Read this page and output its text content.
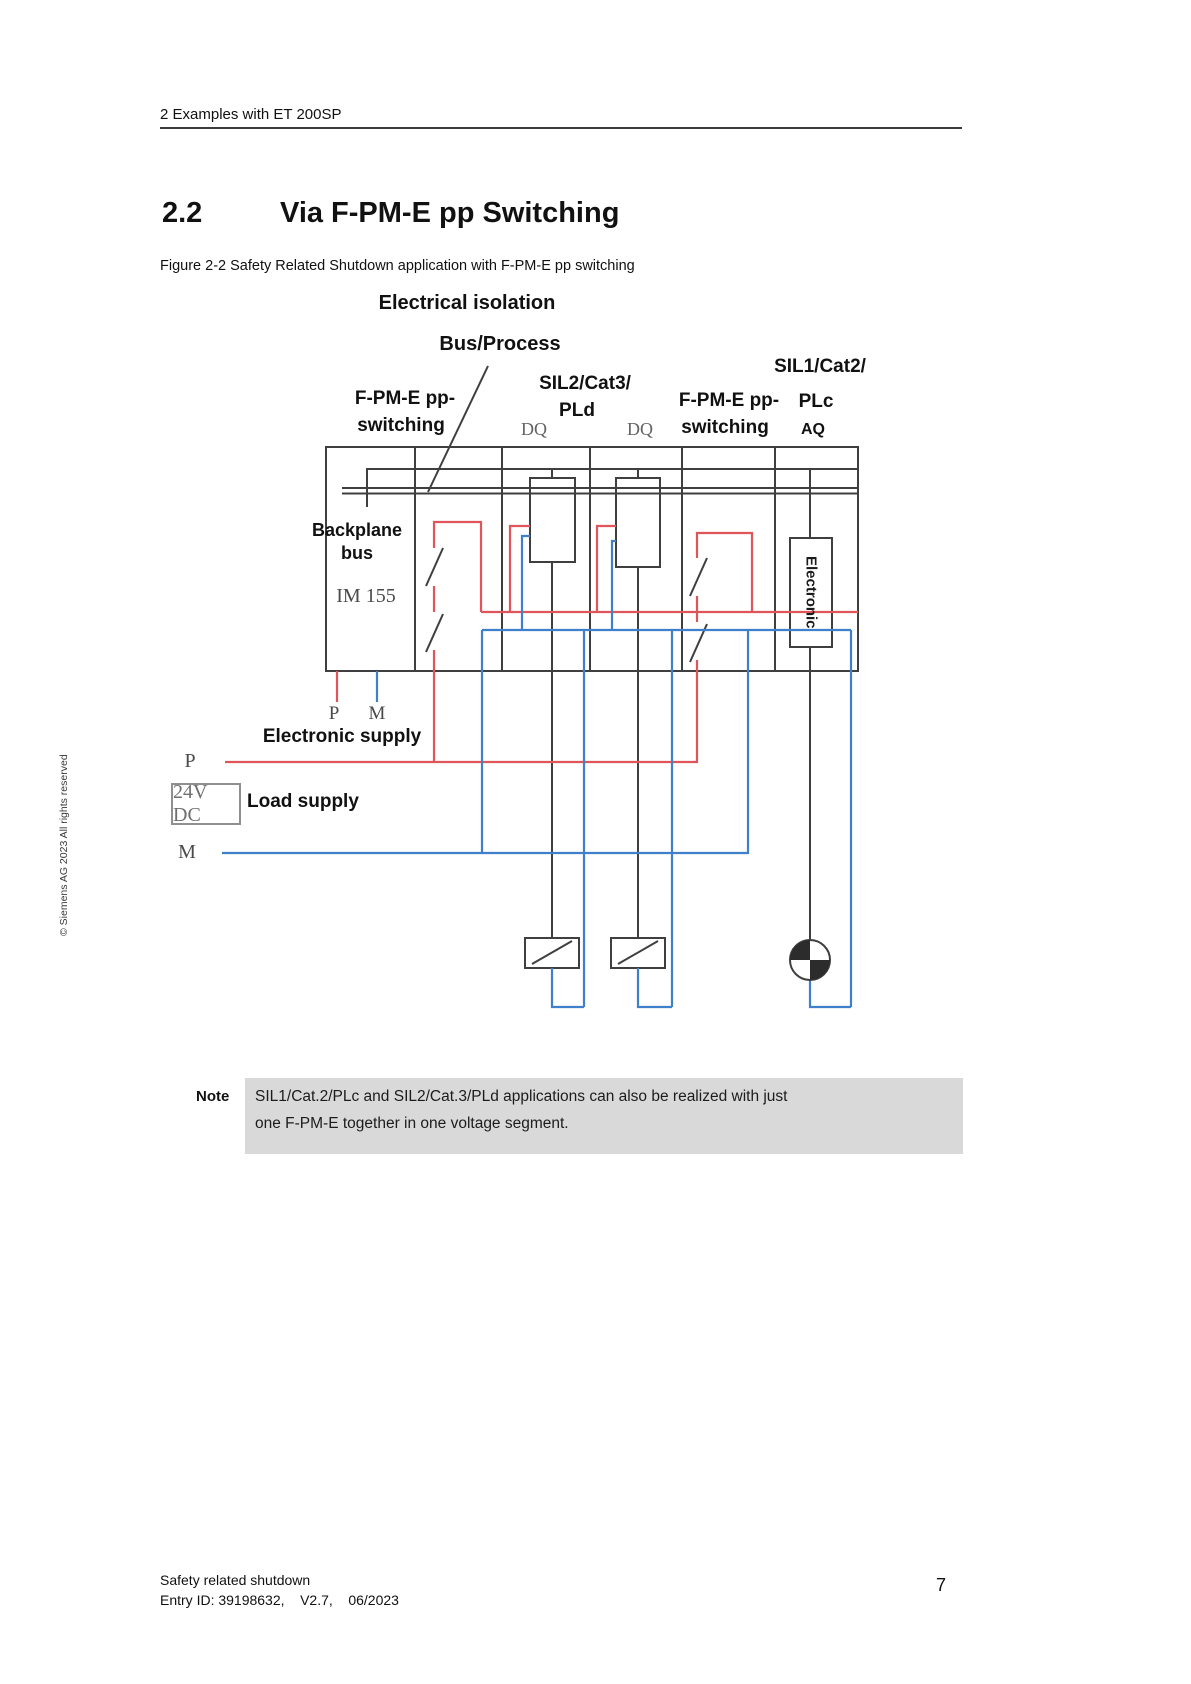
2 Examples with ET 200SP
2.2	Via F-PM-E pp Switching
Figure 2-2 Safety Related Shutdown application with F-PM-E pp switching
© Siemens AG 2023 All rights reserved
Electrical isolation
Bus/Process
F-PM-E pp-
switching
SIL2/Cat3/
PLd	F-PM-E pp-
switching
SIL1/Cat2/
PLc
DQ	DQ	AQ
Backplane
bus
IM 155	Electronic
P M
Electronic supply
P
M
24V DC
Load supply
Note SIL1/Cat.2/PLc and SIL2/Cat.3/PLd applications can also be realized with just
one F-PM-E together in one voltage segment.
Safety related shutdown
Entry ID: 39198632,    V2.7,    06/2023
7
